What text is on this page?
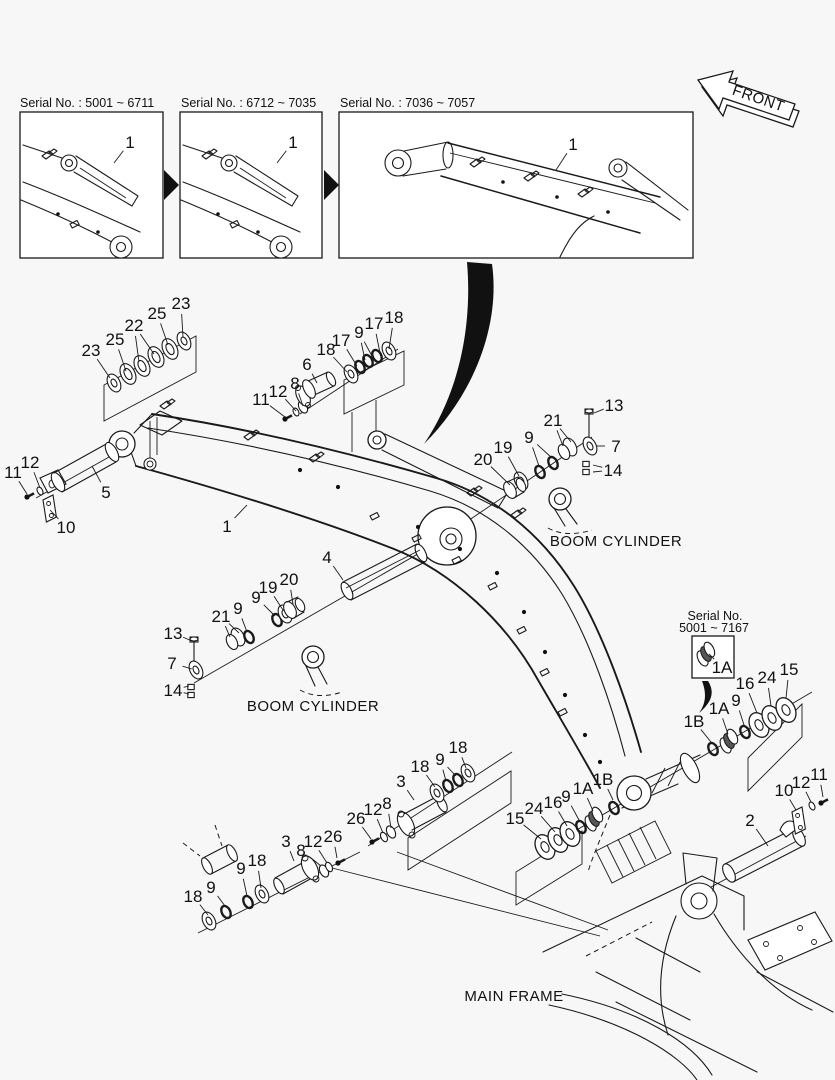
Serial No. : 5001 ~ 6711 Serial No. : 6712 ~ 7035 Serial No. : 7036 ~ 7057	FRONT
Serial No.
5001 ~ 7167
23
25
22
25
23
11
12
10
5
1
11
12 8
6
18
17 9 17 18
13
7
14
21
9
19
20
13
7
14
21 9
9
19 20
4
26
12 8
3
18 9
18
18
9
9
18
3 8
12 26
1B
1A 9
16 24 15
15
24 16
9 1A 1B
2
10
12 11
1	1	1
1A
BOOM CYLINDER
BOOM CYLINDER
MAIN FRAME
